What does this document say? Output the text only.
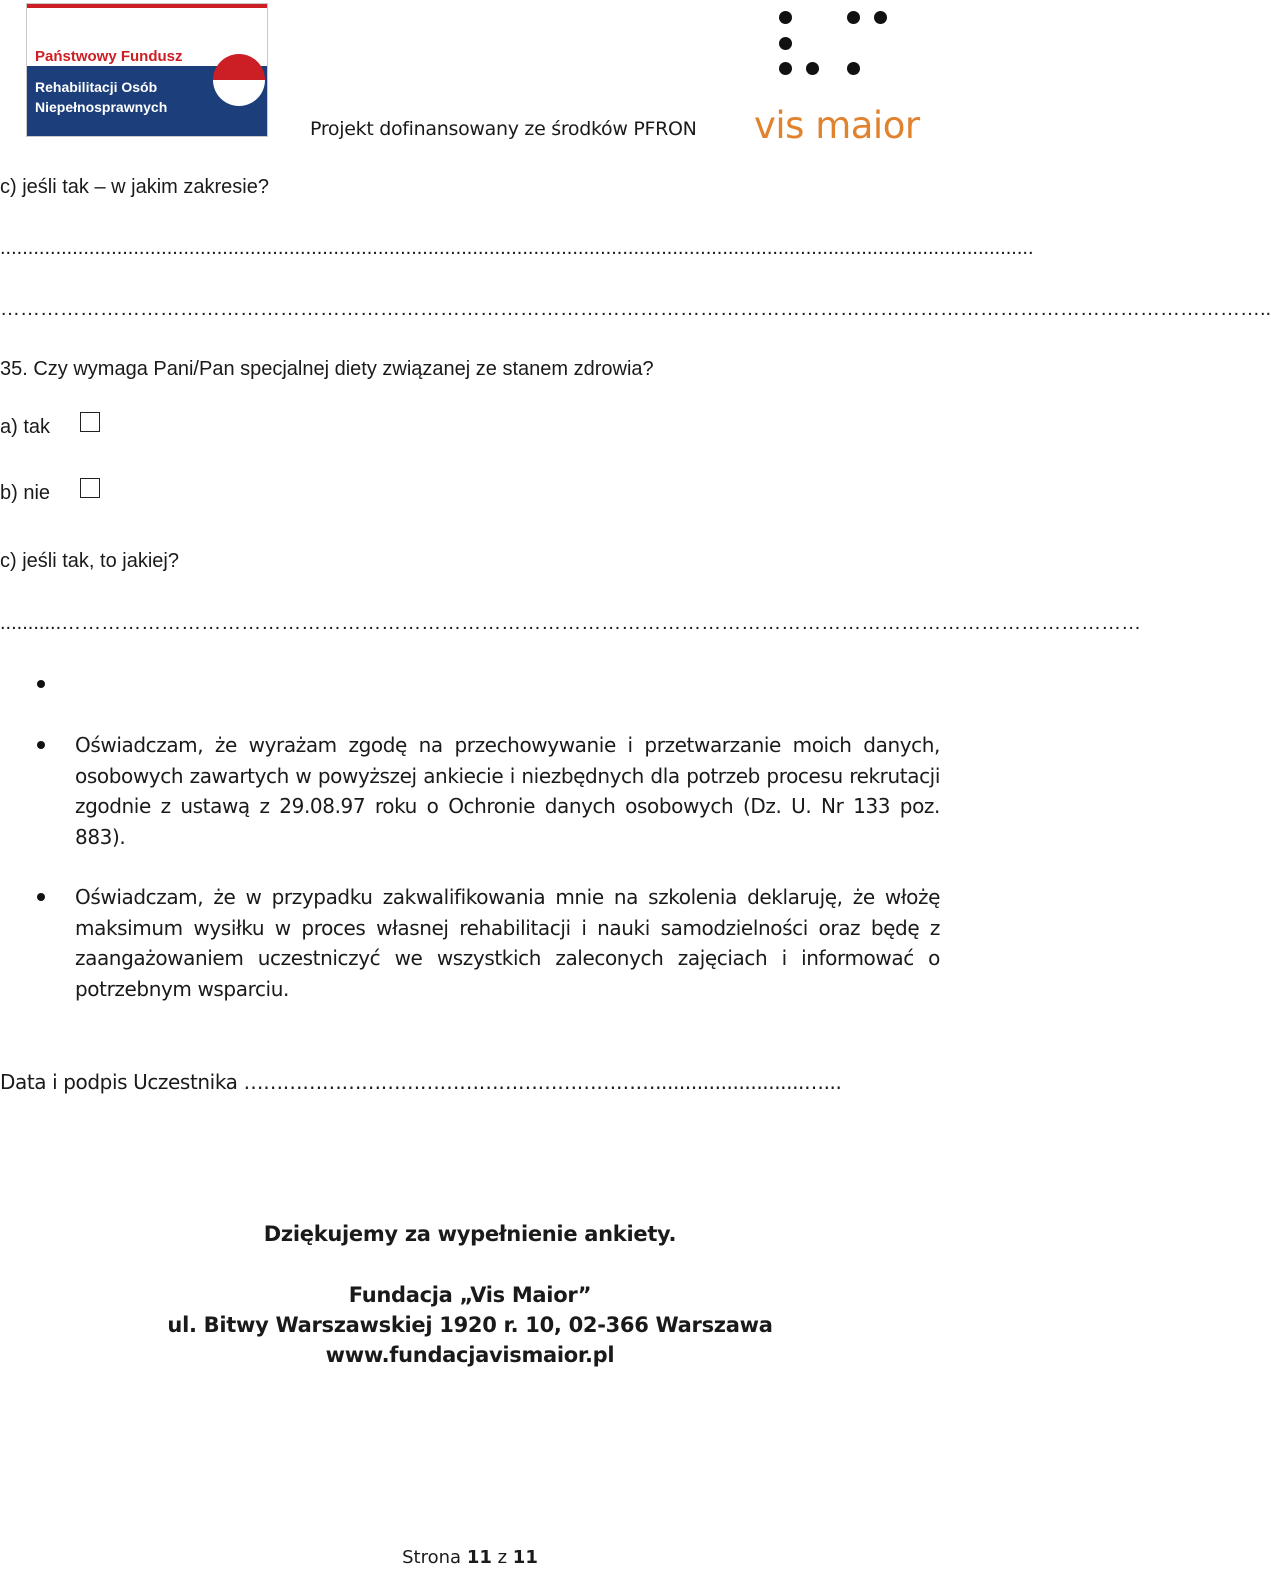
Państwowy Fundusz
Rehabilitacji Osób
Niepełnosprawnych
Projekt dofinansowany ze środków PFRON vis maior
c) jeśli tak – w jakim zakresie?
..........................................................................................................................................................................................
………………………………………………………………………………………………………………………………………………………………………..
35. Czy wymaga Pani/Pan specjalnej diety związanej ze stanem zdrowia?
a) tak
b) nie
c) jeśli tak, to jakiej?
...........………………………………………………………………………………………………………………………………………………
Oświadczam, że wyrażam zgodę na przechowywanie i przetwarzanie moich danych, osobowych zawartych w powyższej ankiecie i niezbędnych dla potrzeb procesu rekrutacji zgodnie z ustawą z 29.08.97 roku o Ochronie danych osobowych (Dz. U. Nr 133 poz. 883).
Oświadczam, że w przypadku zakwalifikowania mnie na szkolenia deklaruję, że włożę maksimum wysiłku w proces własnej rehabilitacji i nauki samodzielności oraz będę z zaangażowaniem uczestniczyć we wszystkich zaleconych zajęciach i informować o potrzebnym wsparciu.
Data i podpis Uczestnika ……………………………………………………….........................…...
Dziękujemy za wypełnienie ankiety.
Fundacja „Vis Maior”
ul. Bitwy Warszawskiej 1920 r. 10, 02-366 Warszawa
www.fundacjavismaior.pl
Strona 11 z 11
